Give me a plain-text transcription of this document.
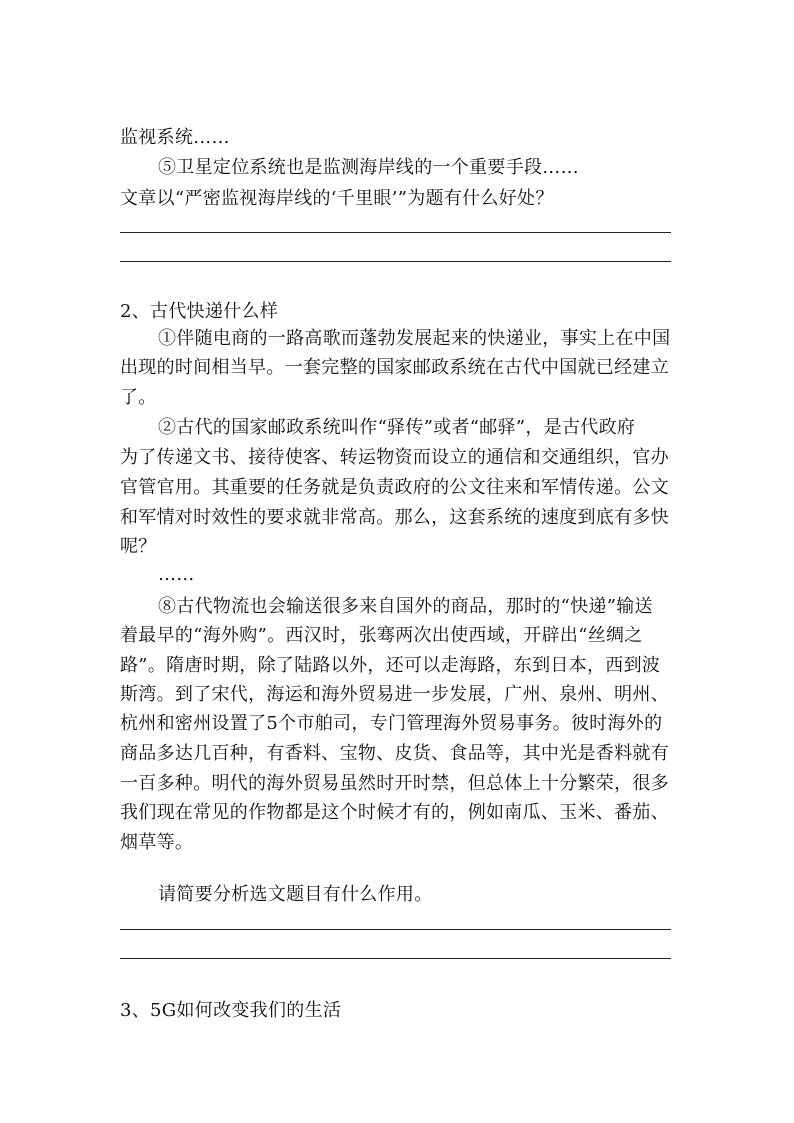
监视系统……
⑤卫星定位系统也是监测海岸线的一个重要手段……
文章以“严密监视海岸线的‘千里眼’”为题有什么好处？
2、古代快递什么样
①伴随电商的一路高歌而蓬勃发展起来的快递业，事实上在中国
出现的时间相当早。一套完整的国家邮政系统在古代中国就已经建立
了。
②古代的国家邮政系统叫作“驿传”或者“邮驿”，是古代政府
为了传递文书、接待使客、转运物资而设立的通信和交通组织，官办
官管官用。其重要的任务就是负责政府的公文往来和军情传递。公文
和军情对时效性的要求就非常高。那么，这套系统的速度到底有多快
呢？
……
⑧古代物流也会输送很多来自国外的商品，那时的“快递”输送
着最早的“海外购”。西汉时，张骞两次出使西域，开辟出“丝绸之
路”。隋唐时期，除了陆路以外，还可以走海路，东到日本，西到波
斯湾。到了宋代，海运和海外贸易进一步发展，广州、泉州、明州、
杭州和密州设置了5个市舶司，专门管理海外贸易事务。彼时海外的
商品多达几百种，有香料、宝物、皮货、食品等，其中光是香料就有
一百多种。明代的海外贸易虽然时开时禁，但总体上十分繁荣，很多
我们现在常见的作物都是这个时候才有的，例如南瓜、玉米、番茄、
烟草等。
请简要分析选文题目有什么作用。
3、5G如何改变我们的生活
